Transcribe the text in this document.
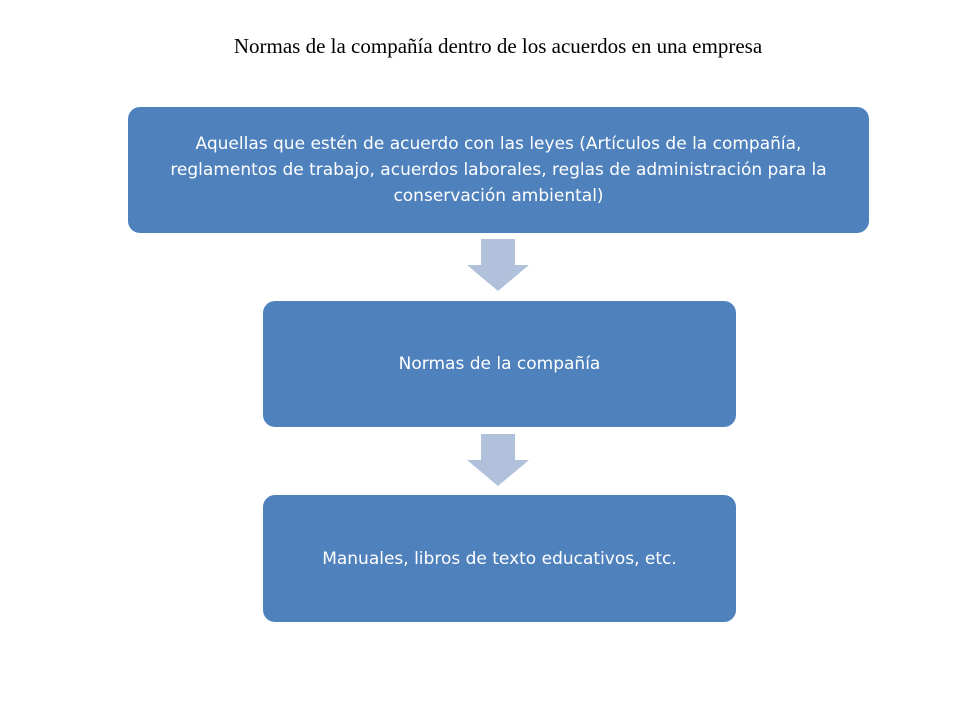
Normas de la compañía dentro de los acuerdos en una empresa
Aquellas que estén de acuerdo con las leyes (Artículos de la compañía, reglamentos de trabajo, acuerdos laborales, reglas de administración para la conservación ambiental)
Normas de la compañía
Manuales, libros de texto educativos, etc.
